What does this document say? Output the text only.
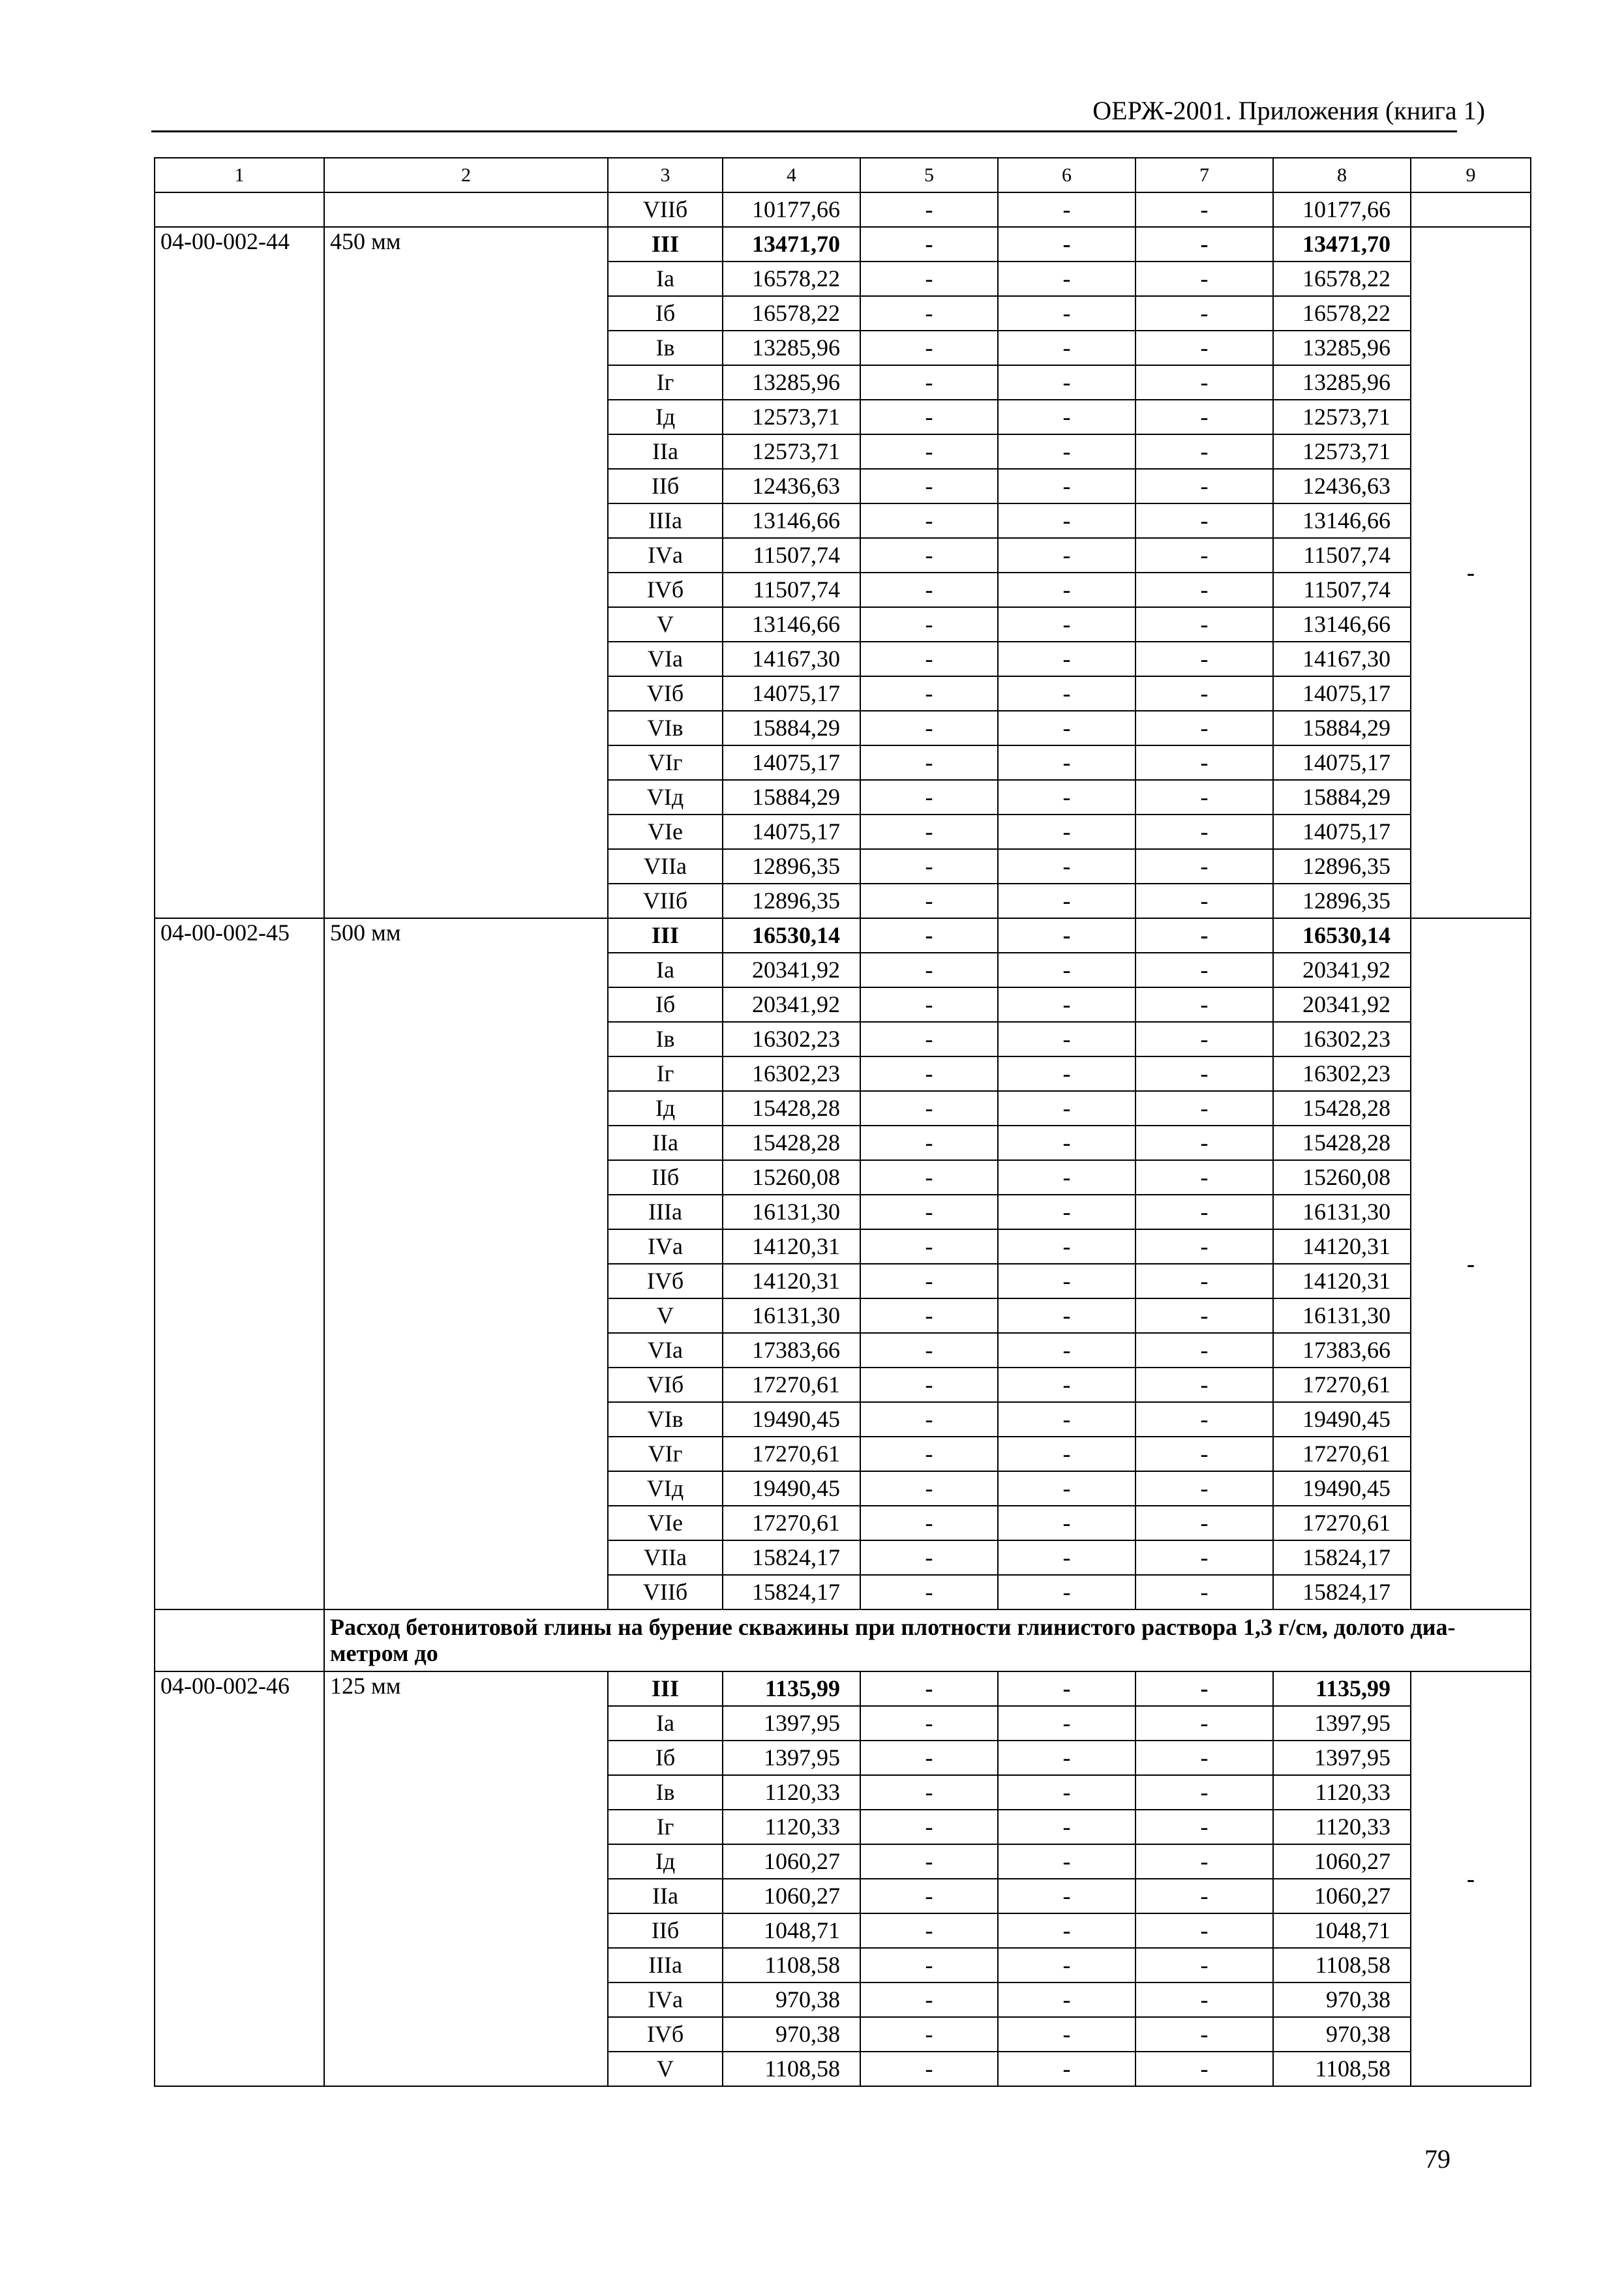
ОЕРЖ-2001. Приложения (книга 1)
1	2	3	4	5	6	7	8	9
		VIIб	10177,66	-	-	-	10177,66	
04-00-002-44	450 мм	III	13471,70	-	-	-	13471,70	-
		Iа	16578,22	-	-	-	16578,22	
		Iб	16578,22	-	-	-	16578,22	
		Iв	13285,96	-	-	-	13285,96	
		Iг	13285,96	-	-	-	13285,96	
		Iд	12573,71	-	-	-	12573,71	
		IIа	12573,71	-	-	-	12573,71	
		IIб	12436,63	-	-	-	12436,63	
		IIIа	13146,66	-	-	-	13146,66	
		IVа	11507,74	-	-	-	11507,74	
		IVб	11507,74	-	-	-	11507,74	
		V	13146,66	-	-	-	13146,66	
		VIа	14167,30	-	-	-	14167,30	
		VIб	14075,17	-	-	-	14075,17	
		VIв	15884,29	-	-	-	15884,29	
		VIг	14075,17	-	-	-	14075,17	
		VIд	15884,29	-	-	-	15884,29	
		VIе	14075,17	-	-	-	14075,17	
		VIIа	12896,35	-	-	-	12896,35	
		VIIб	12896,35	-	-	-	12896,35	
04-00-002-45	500 мм	III	16530,14	-	-	-	16530,14	-
		Iа	20341,92	-	-	-	20341,92	
		Iб	20341,92	-	-	-	20341,92	
		Iв	16302,23	-	-	-	16302,23	
		Iг	16302,23	-	-	-	16302,23	
		Iд	15428,28	-	-	-	15428,28	
		IIа	15428,28	-	-	-	15428,28	
		IIб	15260,08	-	-	-	15260,08	
		IIIа	16131,30	-	-	-	16131,30	
		IVа	14120,31	-	-	-	14120,31	
		IVб	14120,31	-	-	-	14120,31	
		V	16131,30	-	-	-	16131,30	
		VIа	17383,66	-	-	-	17383,66	
		VIб	17270,61	-	-	-	17270,61	
		VIв	19490,45	-	-	-	19490,45	
		VIг	17270,61	-	-	-	17270,61	
		VIд	19490,45	-	-	-	19490,45	
		VIе	17270,61	-	-	-	17270,61	
		VIIа	15824,17	-	-	-	15824,17	
		VIIб	15824,17	-	-	-	15824,17	
	Расход бетонитовой глины на бурение скважины при плотности глинистого раствора 1,3 г/см, долото диа-метром до							
04-00-002-46	125 мм	III	1135,99	-	-	-	1135,99	-
		Iа	1397,95	-	-	-	1397,95	
		Iб	1397,95	-	-	-	1397,95	
		Iв	1120,33	-	-	-	1120,33	
		Iг	1120,33	-	-	-	1120,33	
		Iд	1060,27	-	-	-	1060,27	
		IIа	1060,27	-	-	-	1060,27	
		IIб	1048,71	-	-	-	1048,71	
		IIIа	1108,58	-	-	-	1108,58	
		IVа	970,38	-	-	-	970,38	
		IVб	970,38	-	-	-	970,38	
		V	1108,58	-	-	-	1108,58	
79
